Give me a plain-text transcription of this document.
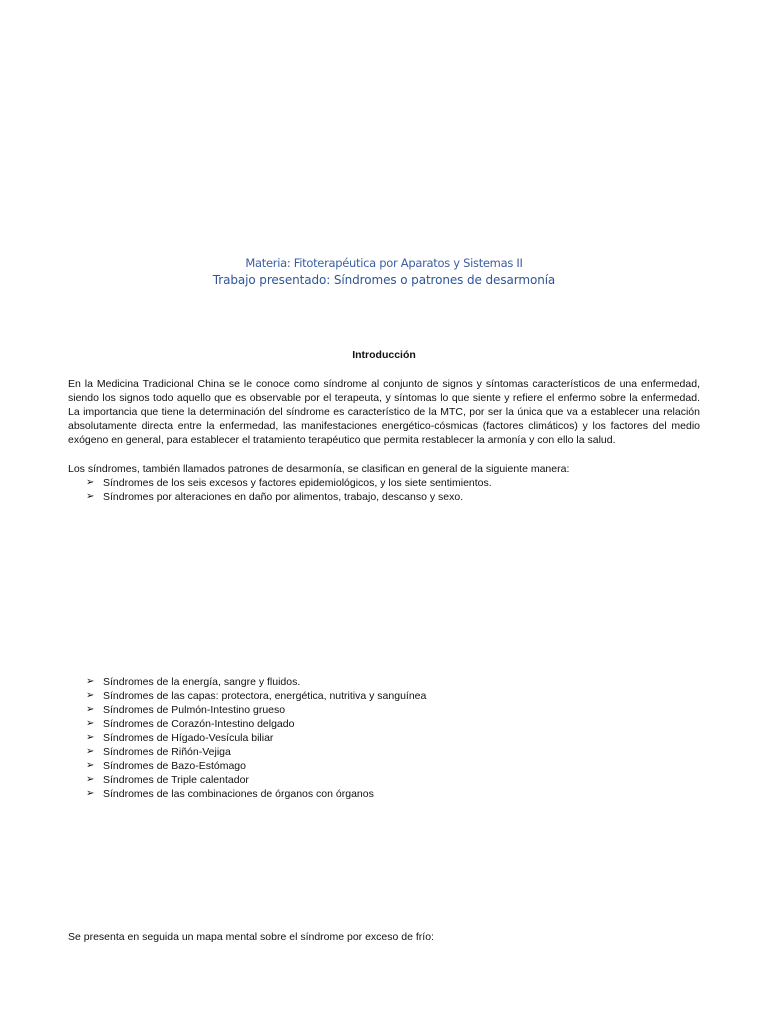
Materia: Fitoterapéutica por Aparatos y Sistemas II
Trabajo presentado: Síndromes o patrones de desarmonía
Introducción
En la Medicina Tradicional China se le conoce como síndrome al conjunto de signos y síntomas característicos de una enfermedad,
siendo los signos todo aquello que es observable por el terapeuta, y síntomas lo que siente y refiere el enfermo sobre la enfermedad.
La importancia que tiene la determinación del síndrome es característico de la MTC, por ser la única que va a establecer una relación
absolutamente directa entre la enfermedad, las manifestaciones energético-cósmicas (factores climáticos) y los factores del medio
exógeno en general, para establecer el tratamiento terapéutico que permita restablecer la armonía y con ello la salud.
Los síndromes, también llamados patrones de desarmonía, se clasifican en general de la siguiente manera:
➢ Síndromes de los seis excesos y factores epidemiológicos, y los siete sentimientos.
➢ Síndromes por alteraciones en daño por alimentos, trabajo, descanso y sexo.
➢ Síndromes de la energía, sangre y fluidos.
➢ Síndromes de las capas: protectora, energética, nutritiva y sanguínea
➢ Síndromes de Pulmón-Intestino grueso
➢ Síndromes de Corazón-Intestino delgado
➢ Síndromes de Hígado-Vesícula biliar
➢ Síndromes de Riñón-Vejiga
➢ Síndromes de Bazo-Estómago
➢ Síndromes de Triple calentador
➢ Síndromes de las combinaciones de órganos con órganos
Se presenta en seguida un mapa mental sobre el síndrome por exceso de frío:
